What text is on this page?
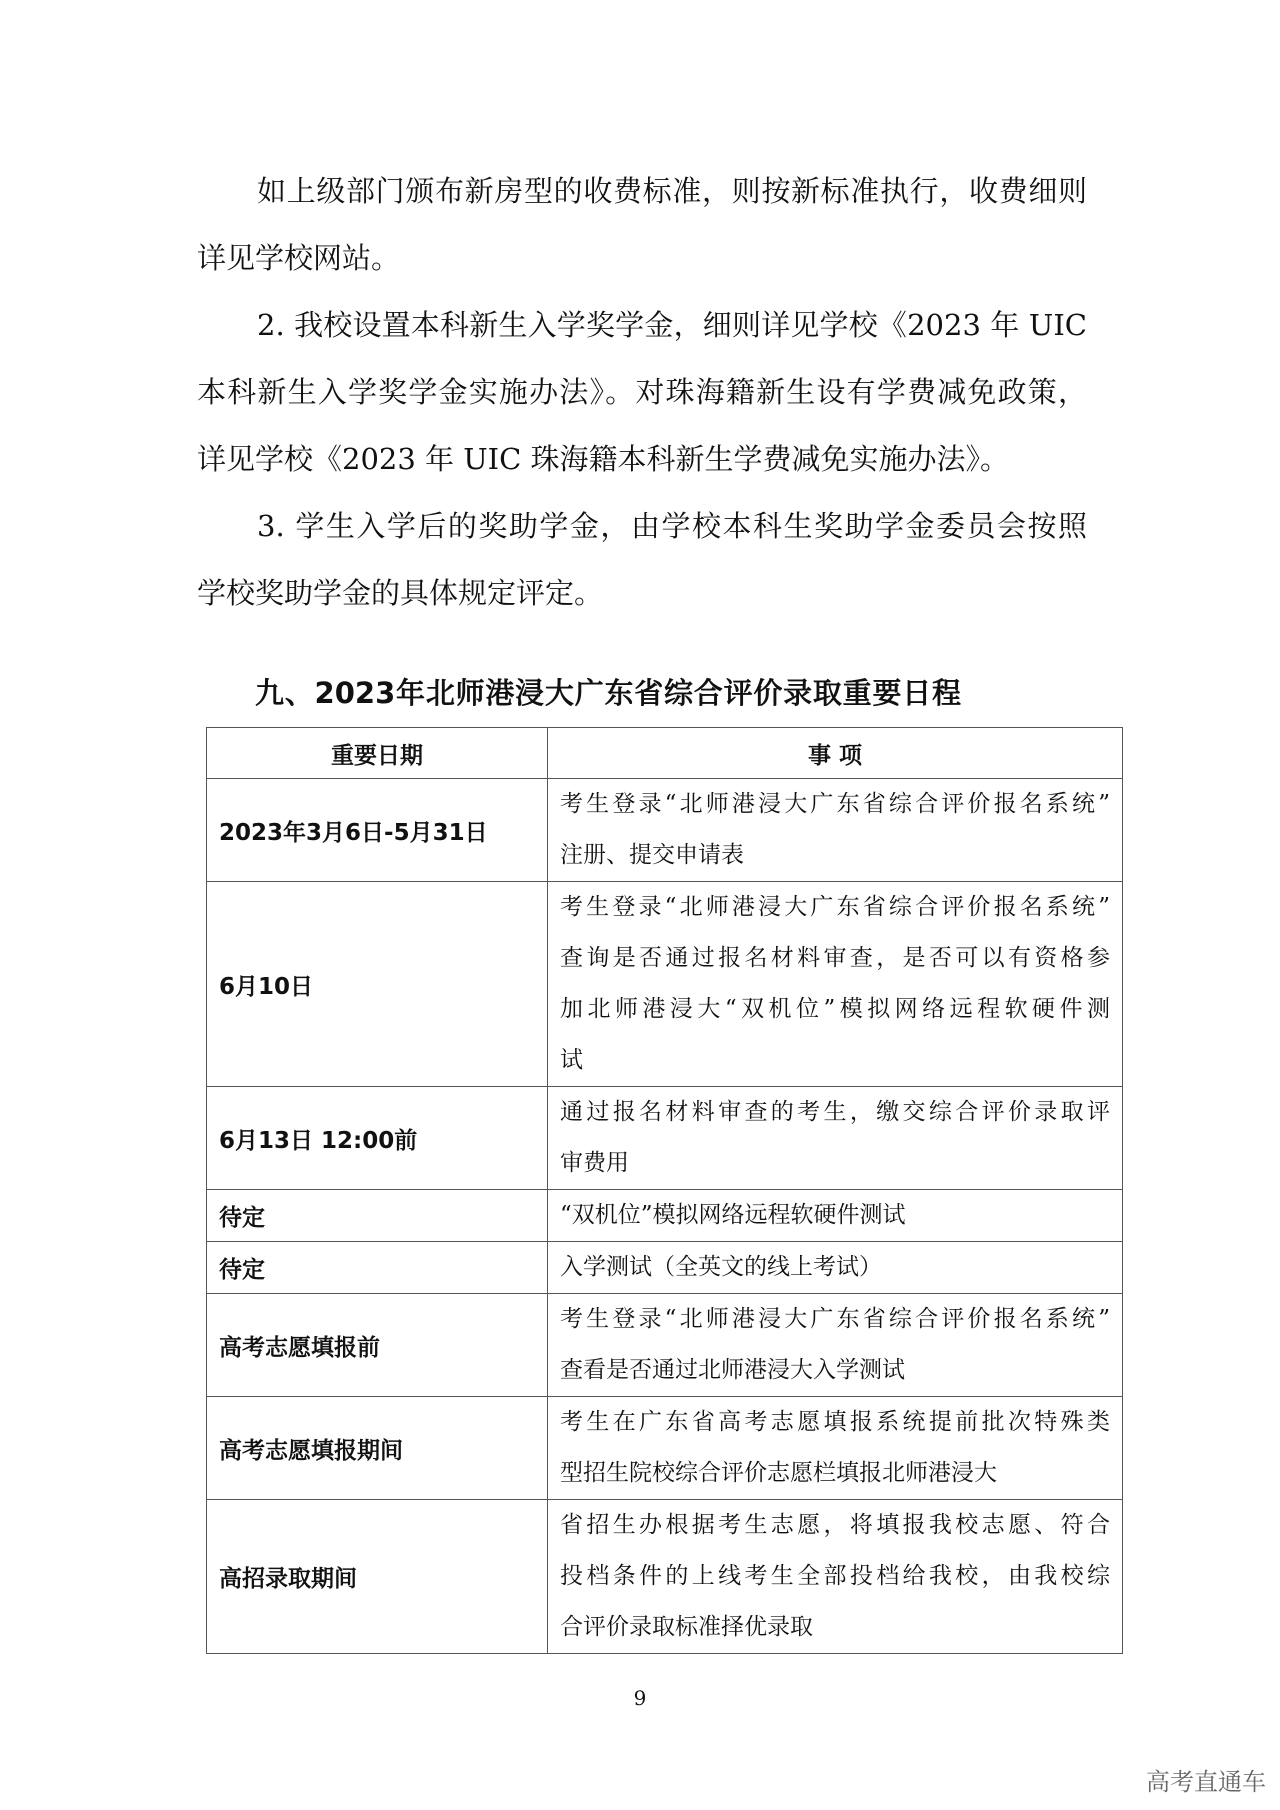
如上级部门颁布新房型的收费标准，则按新标准执行，收费细则
详见学校网站。
2. 我校设置本科新生入学奖学金，细则详见学校《2023 年 UIC
本科新生入学奖学金实施办法》。对珠海籍新生设有学费减免政策，
详见学校《2023 年 UIC 珠海籍本科新生学费减免实施办法》。
3. 学生入学后的奖助学金，由学校本科生奖助学金委员会按照
学校奖助学金的具体规定评定。
九、2023年北师港浸大广东省综合评价录取重要日程
重要日期	事 项
2023年3月6日-5月31日	考生登录“北师港浸大广东省综合评价报名系统”
注册、提交申请表

6月10日	考生登录“北师港浸大广东省综合评价报名系统”
查询是否通过报名材料审查，是否可以有资格参
加北师港浸大“双机位”模拟网络远程软硬件测
试

6月13日 12:00前	通过报名材料审查的考生，缴交综合评价录取评
审费用

待定	“双机位”模拟网络远程软硬件测试

待定	入学测试（全英文的线上考试）

高考志愿填报前	考生登录“北师港浸大广东省综合评价报名系统”
查看是否通过北师港浸大入学测试

高考志愿填报期间	考生在广东省高考志愿填报系统提前批次特殊类
型招生院校综合评价志愿栏填报北师港浸大

高招录取期间	省招生办根据考生志愿，将填报我校志愿、符合
投档条件的上线考生全部投档给我校，由我校综
合评价录取标准择优录取
9
高考直通车
